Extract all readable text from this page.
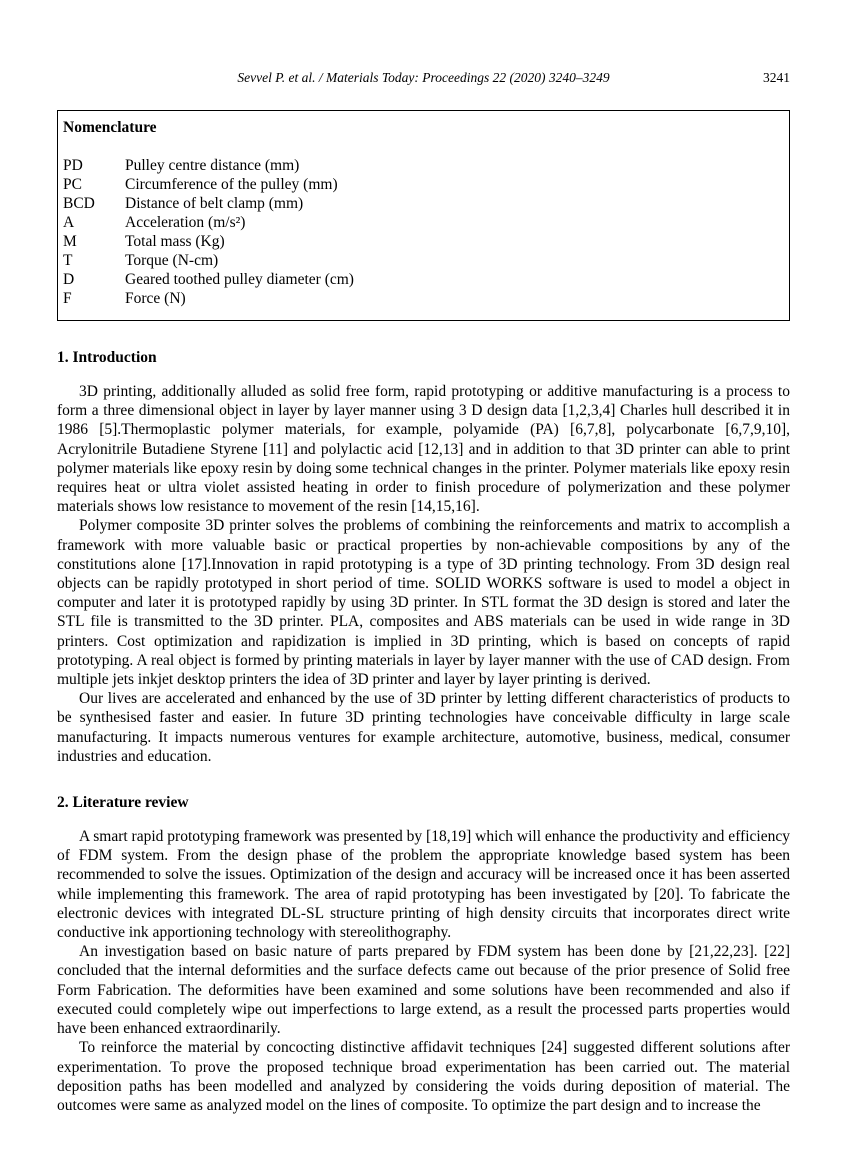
Sevvel P. et al. / Materials Today: Proceedings 22 (2020) 3240–3249	3241
Nomenclature
PD	Pulley centre distance (mm)
PC	Circumference of the pulley (mm)
BCD	Distance of belt clamp (mm)
A	Acceleration (m/s²)
M	Total mass (Kg)
T	Torque (N-cm)
D	Geared toothed pulley diameter (cm)
F	Force (N)
1. Introduction

3D printing, additionally alluded as solid free form, rapid prototyping or additive manufacturing is a process to form a three dimensional object in layer by layer manner using 3 D design data [1,2,3,4] Charles hull described it in 1986 [5].Thermoplastic polymer materials, for example, polyamide (PA) [6,7,8], polycarbonate [6,7,9,10], Acrylonitrile Butadiene Styrene [11] and polylactic acid [12,13] and in addition to that 3D printer can able to print polymer materials like epoxy resin by doing some technical changes in the printer. Polymer materials like epoxy resin requires heat or ultra violet assisted heating in order to finish procedure of polymerization and these polymer materials shows low resistance to movement of the resin [14,15,16].

Polymer composite 3D printer solves the problems of combining the reinforcements and matrix to accomplish a framework with more valuable basic or practical properties by non-achievable compositions by any of the constitutions alone [17].Innovation in rapid prototyping is a type of 3D printing technology. From 3D design real objects can be rapidly prototyped in short period of time. SOLID WORKS software is used to model a object in computer and later it is prototyped rapidly by using 3D printer. In STL format the 3D design is stored and later the STL file is transmitted to the 3D printer. PLA, composites and ABS materials can be used in wide range in 3D printers. Cost optimization and rapidization is implied in 3D printing, which is based on concepts of rapid prototyping. A real object is formed by printing materials in layer by layer manner with the use of CAD design. From multiple jets inkjet desktop printers the idea of 3D printer and layer by layer printing is derived.

Our lives are accelerated and enhanced by the use of 3D printer by letting different characteristics of products to be synthesised faster and easier. In future 3D printing technologies have conceivable difficulty in large scale manufacturing. It impacts numerous ventures for example architecture, automotive, business, medical, consumer industries and education.

2. Literature review

A smart rapid prototyping framework was presented by [18,19] which will enhance the productivity and efficiency of FDM system. From the design phase of the problem the appropriate knowledge based system has been recommended to solve the issues. Optimization of the design and accuracy will be increased once it has been asserted while implementing this framework. The area of rapid prototyping has been investigated by [20]. To fabricate the electronic devices with integrated DL-SL structure printing of high density circuits that incorporates direct write conductive ink apportioning technology with stereolithography.

An investigation based on basic nature of parts prepared by FDM system has been done by [21,22,23]. [22] concluded that the internal deformities and the surface defects came out because of the prior presence of Solid free Form Fabrication. The deformities have been examined and some solutions have been recommended and also if executed could completely wipe out imperfections to large extend, as a result the processed parts properties would have been enhanced extraordinarily.

To reinforce the material by concocting distinctive affidavit techniques [24] suggested different solutions after experimentation. To prove the proposed technique broad experimentation has been carried out. The material deposition paths has been modelled and analyzed by considering the voids during deposition of material. The outcomes were same as analyzed model on the lines of composite. To optimize the part design and to increase the
